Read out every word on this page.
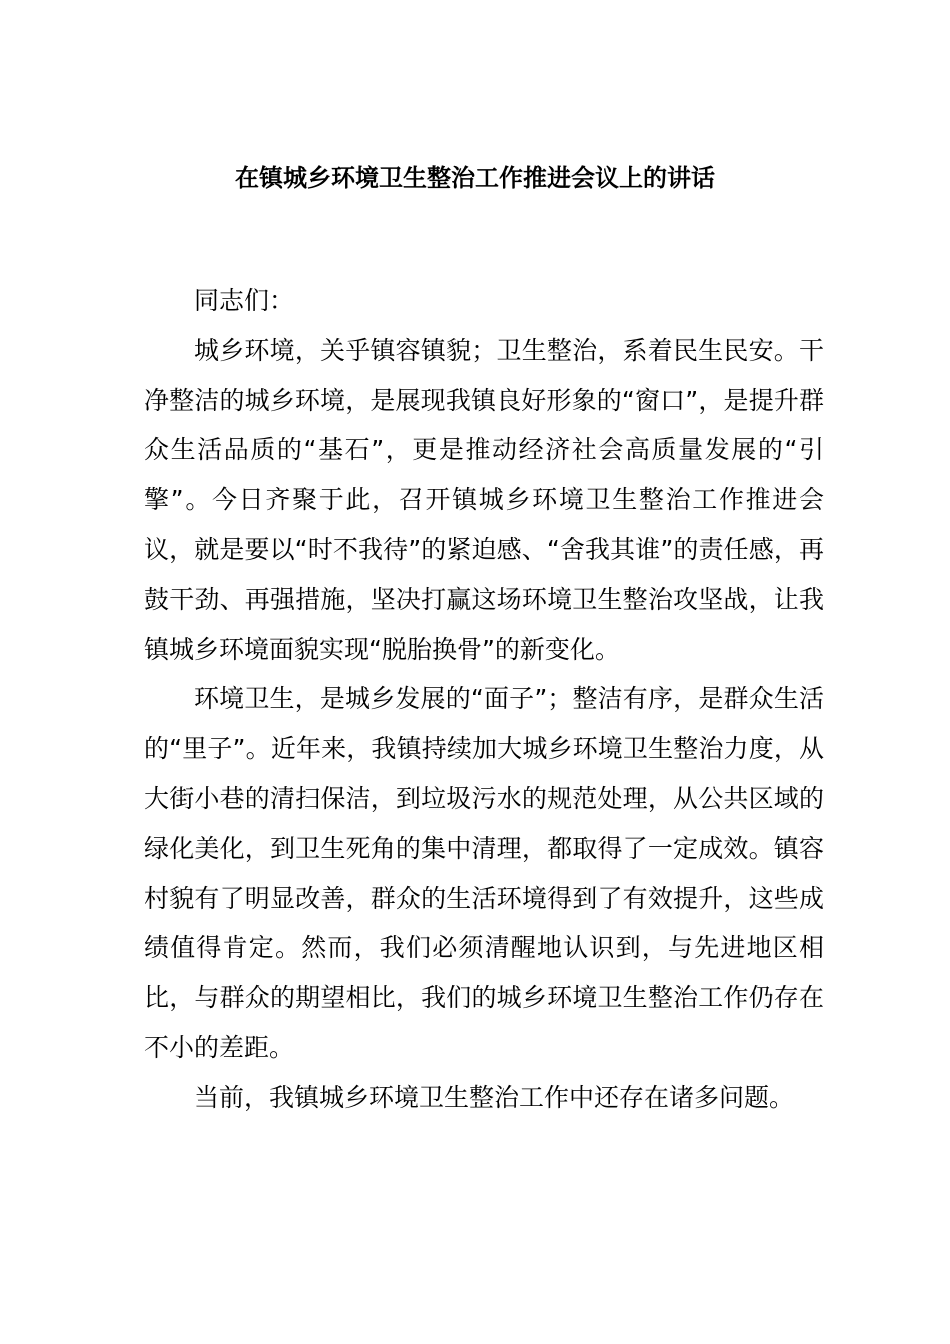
在镇城乡环境卫生整治工作推进会议上的讲话

同志们：

城乡环境，关乎镇容镇貌；卫生整治，系着民生民安。干净整洁的城乡环境，是展现我镇良好形象的“窗口”，是提升群众生活品质的“基石”，更是推动经济社会高质量发展的“引擎”。今日齐聚于此，召开镇城乡环境卫生整治工作推进会议，就是要以“时不我待”的紧迫感、“舍我其谁”的责任感，再鼓干劲、再强措施，坚决打赢这场环境卫生整治攻坚战，让我镇城乡环境面貌实现“脱胎换骨”的新变化。

环境卫生，是城乡发展的“面子”；整洁有序，是群众生活的“里子”。近年来，我镇持续加大城乡环境卫生整治力度，从大街小巷的清扫保洁，到垃圾污水的规范处理，从公共区域的绿化美化，到卫生死角的集中清理，都取得了一定成效。镇容村貌有了明显改善，群众的生活环境得到了有效提升，这些成绩值得肯定。然而，我们必须清醒地认识到，与先进地区相比，与群众的期望相比，我们的城乡环境卫生整治工作仍存在不小的差距。

当前，我镇城乡环境卫生整治工作中还存在诸多问题。
